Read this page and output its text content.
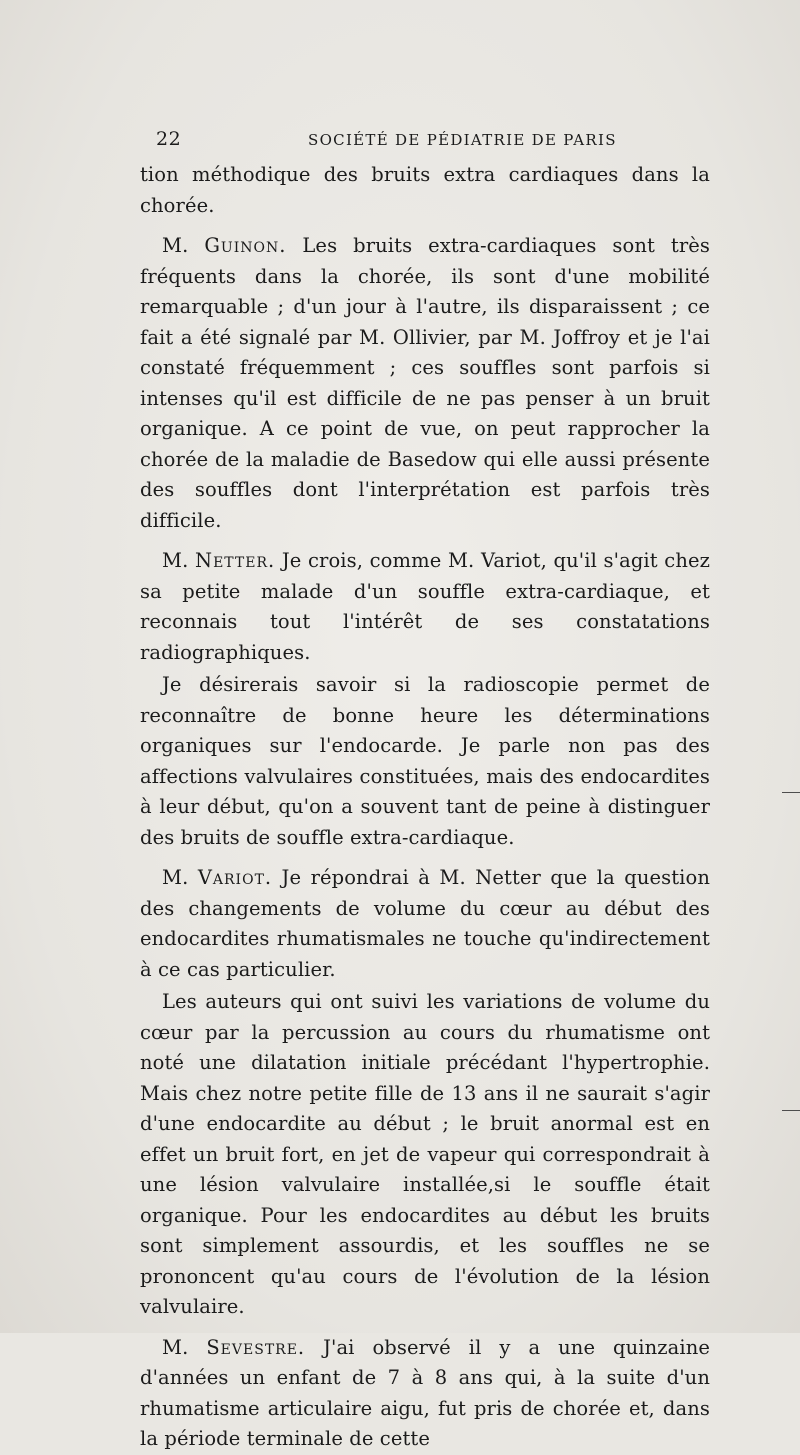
22	SOCIÉTÉ DE PÉDIATRIE DE PARIS

tion méthodique des bruits extra cardiaques dans la chorée.

M. Guinon. Les bruits extra-cardiaques sont très fréquents dans la chorée, ils sont d'une mobilité remarquable ; d'un jour à l'autre, ils disparaissent ; ce fait a été signalé par M. Ollivier, par M. Joffroy et je l'ai constaté fréquemment ; ces souffles sont parfois si intenses qu'il est difficile de ne pas penser à un bruit organique. A ce point de vue, on peut rapprocher la chorée de la maladie de Basedow qui elle aussi présente des souffles dont l'interprétation est parfois très difficile.

M. Netter. Je crois, comme M. Variot, qu'il s'agit chez sa petite malade d'un souffle extra-cardiaque, et reconnais tout l'intérêt de ses constatations radiographiques.

Je désirerais savoir si la radioscopie permet de reconnaître de bonne heure les déterminations organiques sur l'endocarde. Je parle non pas des affections valvulaires constituées, mais des endocardites à leur début, qu'on a souvent tant de peine à distinguer des bruits de souffle extra-cardiaque.

M. Variot. Je répondrai à M. Netter que la question des changements de volume du cœur au début des endocardites rhumatismales ne touche qu'indirectement à ce cas particulier.

Les auteurs qui ont suivi les variations de volume du cœur par la percussion au cours du rhumatisme ont noté une dilatation initiale précédant l'hypertrophie. Mais chez notre petite fille de 13 ans il ne saurait s'agir d'une endocardite au début ; le bruit anormal est en effet un bruit fort, en jet de vapeur qui correspondrait à une lésion valvulaire installée,si le souffle était organique. Pour les endocardites au début les bruits sont simplement assourdis, et les souffles ne se prononcent qu'au cours de l'évolution de la lésion valvulaire.

M. Sevestre. J'ai observé il y a une quinzaine d'années un enfant de 7 à 8 ans qui, à la suite d'un rhumatisme articulaire aigu, fut pris de chorée et, dans la période terminale de cette
